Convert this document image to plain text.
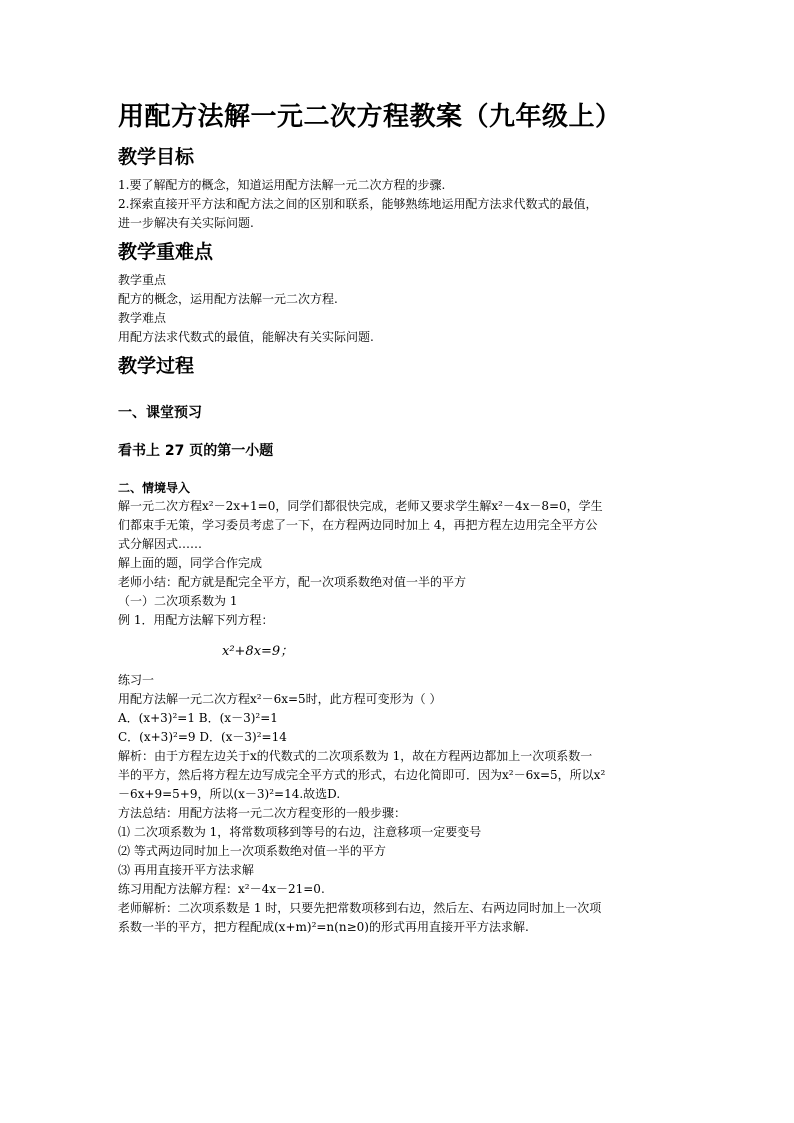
用配方法解一元二次方程教案（九年级上）
教学目标
1.要了解配方的概念，知道运用配方法解一元二次方程的步骤.
2.探索直接开平方法和配方法之间的区别和联系，能够熟练地运用配方法求代数式的最值，
进一步解决有关实际问题.
教学重难点
教学重点
配方的概念，运用配方法解一元二次方程.
教学难点
用配方法求代数式的最值，能解决有关实际问题.
教学过程
一、课堂预习
看书上 27 页的第一小题
二、情境导入
解一元二次方程x²－2x+1=0，同学们都很快完成，老师又要求学生解x²－4x－8=0，学生
们都束手无策，学习委员考虑了一下，在方程两边同时加上 4，再把方程左边用完全平方公
式分解因式……
解上面的题，同学合作完成
老师小结：配方就是配完全平方，配一次项系数绝对值一半的平方
（一）二次项系数为 1
例 1．用配方法解下列方程：
x²+8x=9；
练习一
用配方法解一元二次方程x²－6x=5时，此方程可变形为（ ）
A．(x+3)²=1 B．(x－3)²=1
C．(x+3)²=9 D．(x－3)²=14
解析：由于方程左边关于x的代数式的二次项系数为 1，故在方程两边都加上一次项系数一
半的平方，然后将方程左边写成完全平方式的形式，右边化简即可．因为x²－6x=5，所以x²
－6x+9=5+9，所以(x－3)²=14.故选D.
方法总结：用配方法将一元二次方程变形的一般步骤：
⑴ 二次项系数为 1，将常数项移到等号的右边，注意移项一定要变号
⑵ 等式两边同时加上一次项系数绝对值一半的平方
⑶ 再用直接开平方法求解
练习用配方法解方程：x²－4x－21=0.
老师解析：二次项系数是 1 时，只要先把常数项移到右边，然后左、右两边同时加上一次项
系数一半的平方，把方程配成(x+m)²=n(n≥0)的形式再用直接开平方法求解.
